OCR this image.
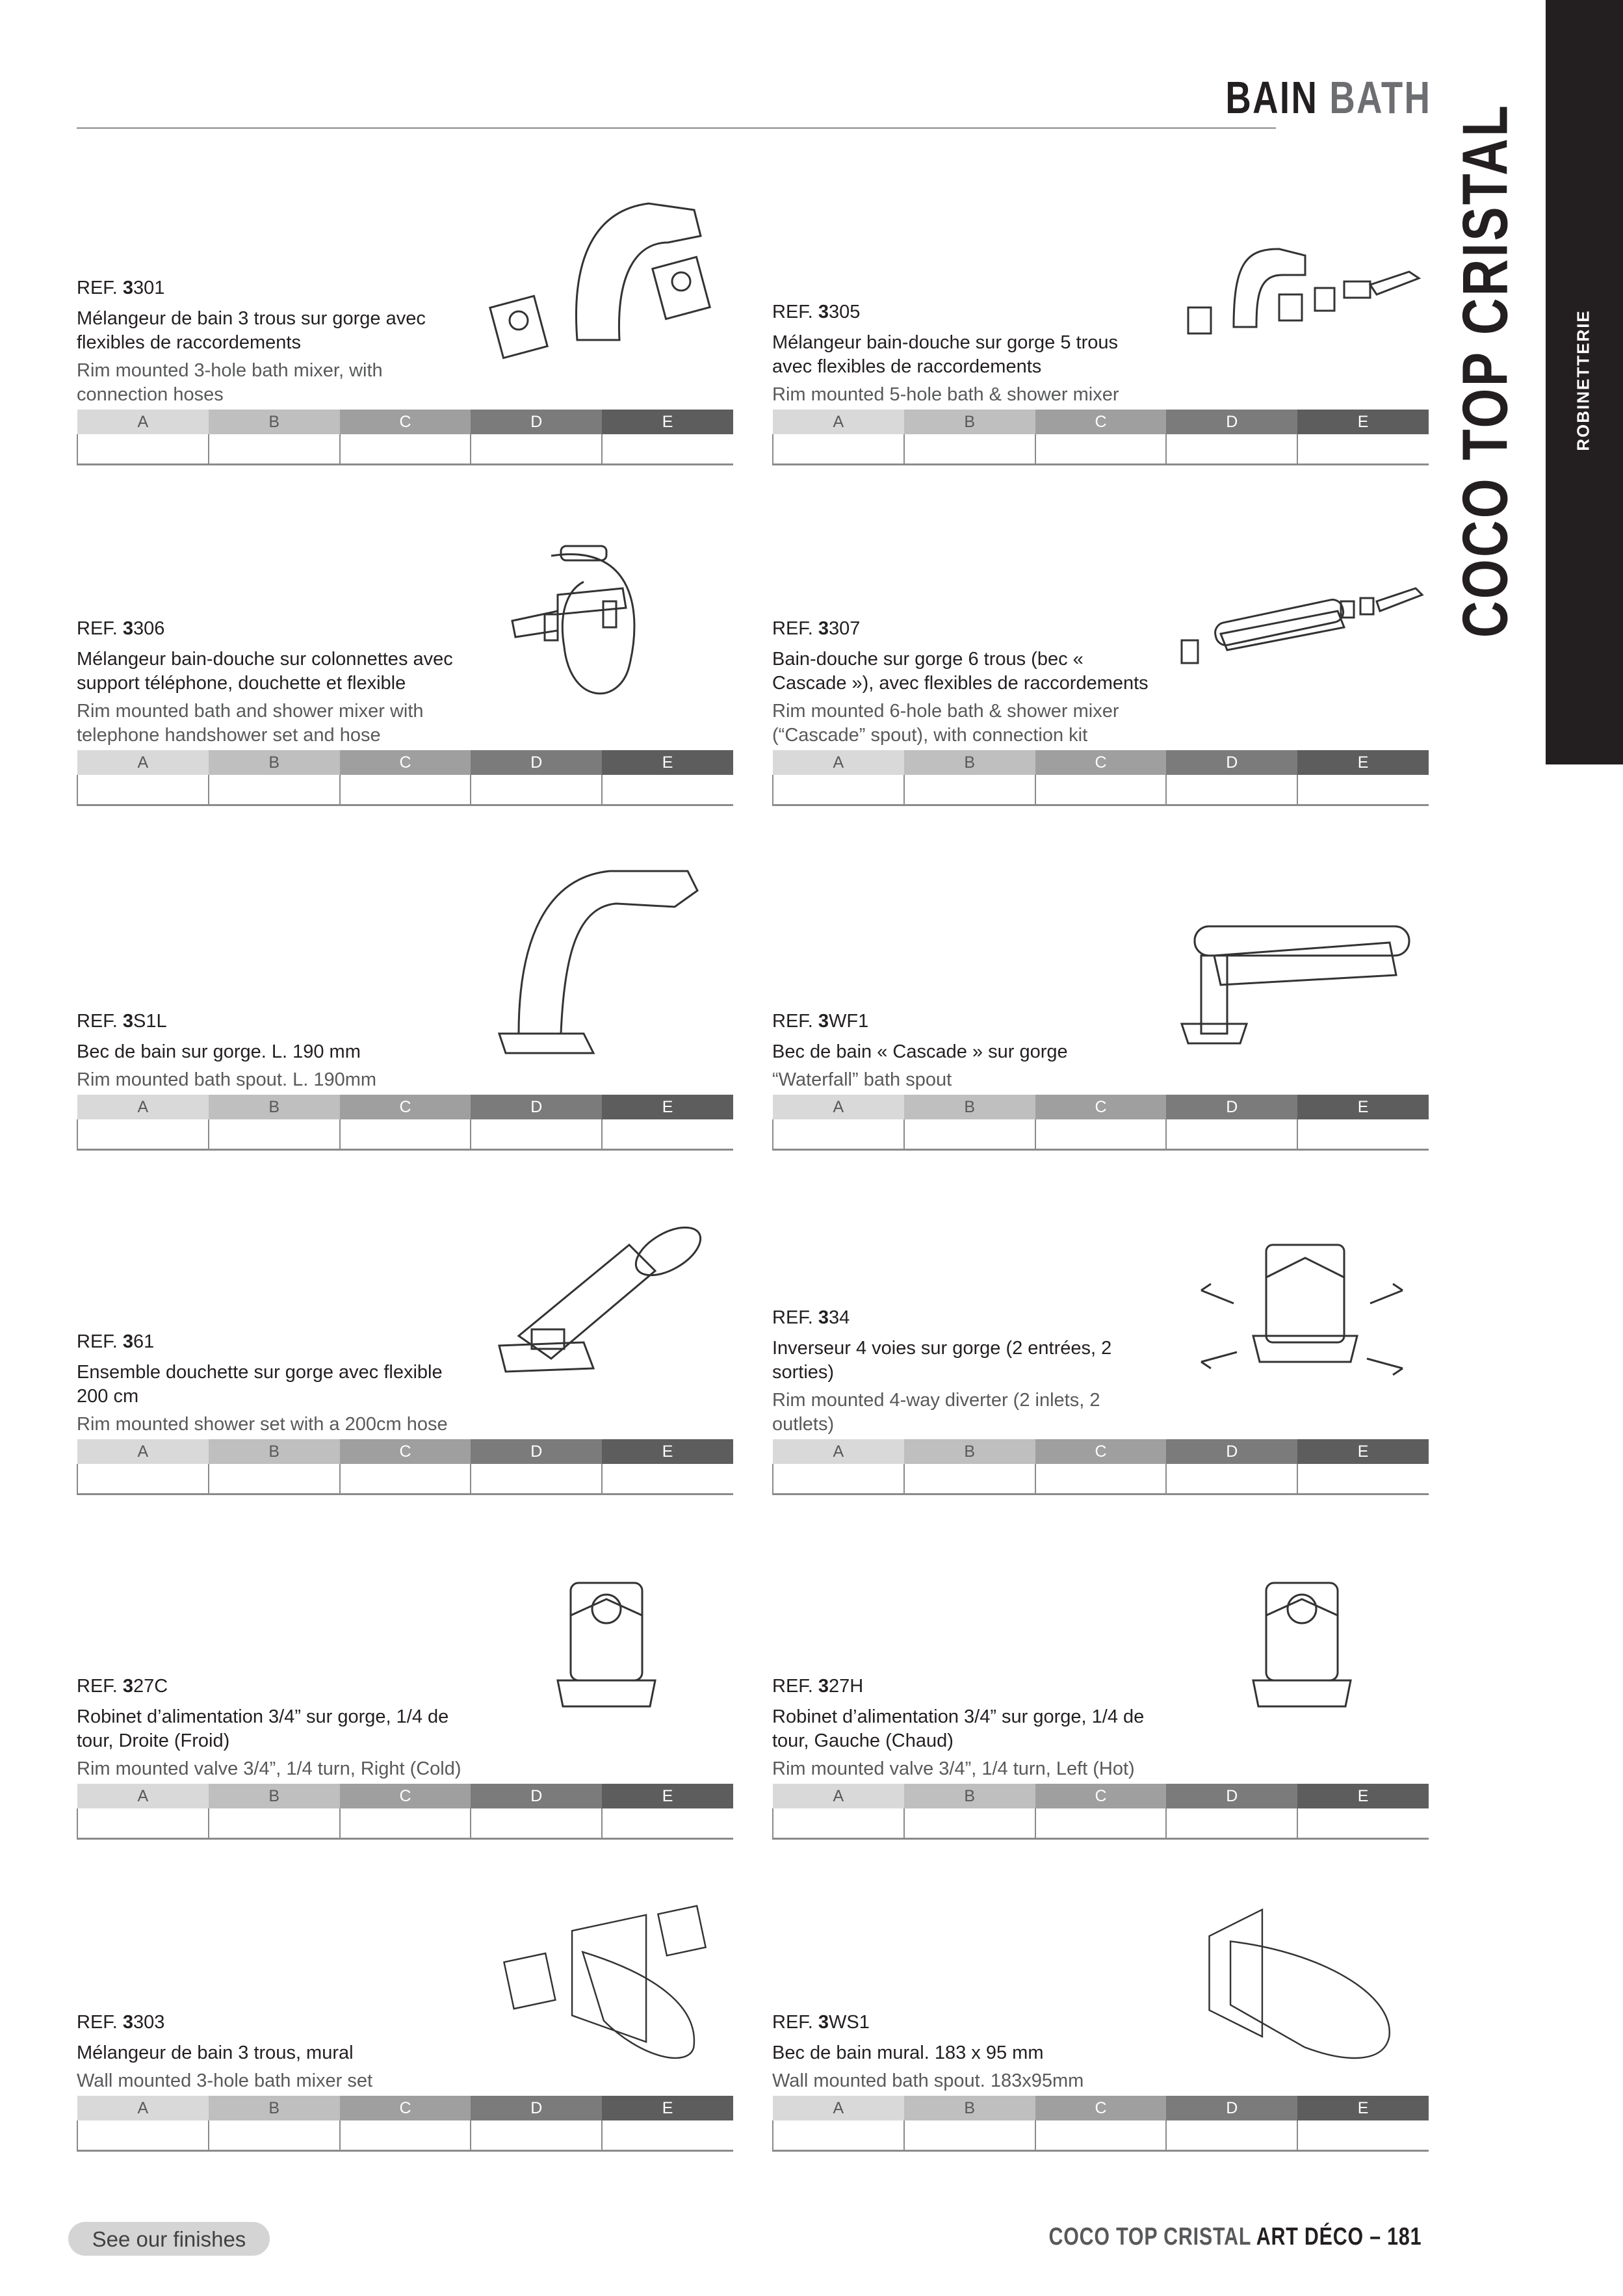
BAIN BATH
ROBINETTERIE
COCO TOP CRISTAL

REF. 3301

Mélangeur de bain 3 trous sur gorge avec flexibles de raccordements

Rim mounted 3-hole bath mixer, with connection hoses

A	B	C	D	E

REF. 3305

Mélangeur bain-douche sur gorge 5 trous avec flexibles de raccordements

Rim mounted 5-hole bath & shower mixer

A	B	C	D	E

REF. 3306

Mélangeur bain-douche sur colonnettes avec support téléphone, douchette et flexible

Rim mounted bath and shower mixer with telephone handshower set and hose

A	B	C	D	E

REF. 3307

Bain-douche sur gorge 6 trous (bec « Cascade »), avec flexibles de raccordements

Rim mounted 6-hole bath & shower mixer (“Cascade” spout), with connection kit

A	B	C	D	E

REF. 3S1L

Bec de bain sur gorge. L. 190 mm

Rim mounted bath spout. L. 190mm

A	B	C	D	E

REF. 3WF1

Bec de bain « Cascade » sur gorge

“Waterfall” bath spout

A	B	C	D	E

REF. 361

Ensemble douchette sur gorge avec flexible 200 cm

Rim mounted shower set with a 200cm hose

A	B	C	D	E

REF. 334

Inverseur 4 voies sur gorge (2 entrées, 2 sorties)

Rim mounted 4-way diverter (2 inlets, 2 outlets)

A	B	C	D	E

REF. 327C

Robinet d’alimentation 3/4” sur gorge, 1/4 de tour, Droite (Froid)

Rim mounted valve 3/4”, 1/4 turn, Right (Cold)

A	B	C	D	E

REF. 327H

Robinet d’alimentation 3/4” sur gorge, 1/4 de tour, Gauche (Chaud)

Rim mounted valve 3/4”, 1/4 turn, Left (Hot)

A	B	C	D	E

REF. 3303

Mélangeur de bain 3 trous, mural

Wall mounted 3-hole bath mixer set

A	B	C	D	E

REF. 3WS1

Bec de bain mural. 183 x 95 mm

Wall mounted bath spout. 183x95mm

A	B	C	D	E

See our finishes	COCO TOP CRISTAL ART DÉCO – 181
